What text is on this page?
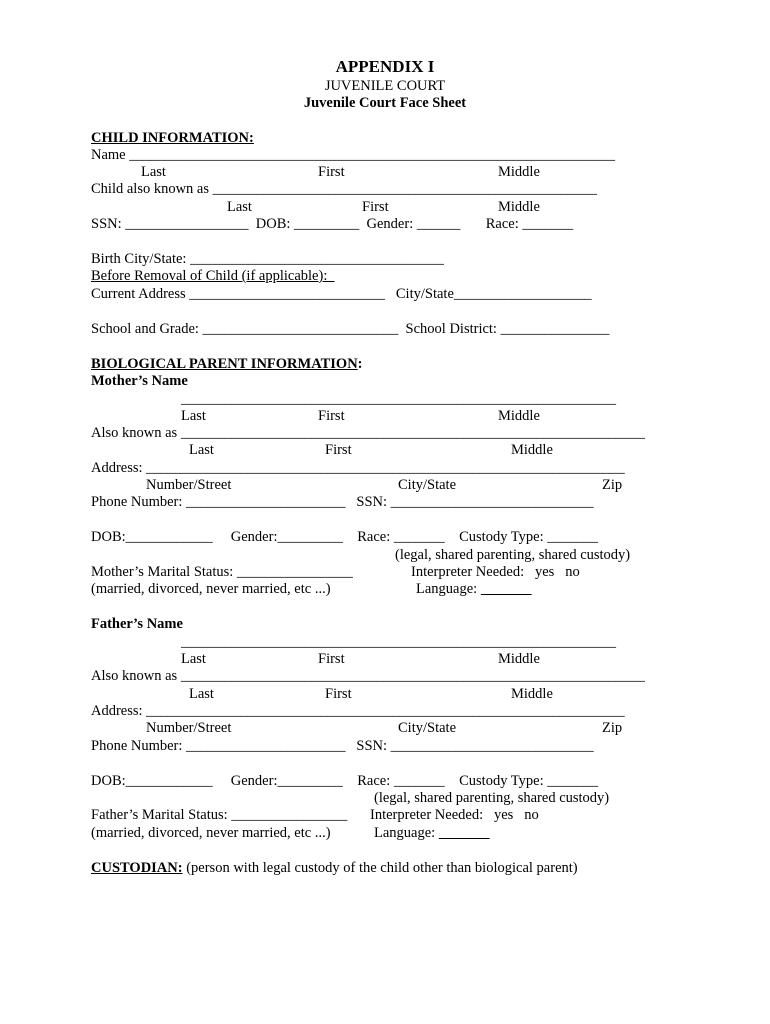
APPENDIX I
JUVENILE COURT
Juvenile Court Face Sheet
CHILD INFORMATION:
Name ___________________________________________________________________
Last	First	Middle
Child also known as _____________________________________________________
Last	First	Middle
SSN: _________________  DOB: _________  Gender: ______       Race: _______
Birth City/State: ___________________________________
Before Removal of Child (if applicable):
Current Address ___________________________   City/State___________________
School and Grade: ___________________________  School District: _______________
BIOLOGICAL PARENT INFORMATION:
Mother’s Name
____________________________________________________________
Last	First	Middle
Also known as ________________________________________________________________
Last	First	Middle
Address: __________________________________________________________________
Number/Street	City/State	Zip
Phone Number: ______________________   SSN: ____________________________
DOB:____________     Gender:_________    Race: _______    Custody Type: _______
(legal, shared parenting, shared custody)
Mother’s Marital Status: ________________	Interpreter Needed:   yes   no
(married, divorced, never married, etc ...)	Language:
Father’s Name
____________________________________________________________
Last	First	Middle
Also known as ________________________________________________________________
Last	First	Middle
Address: __________________________________________________________________
Number/Street	City/State	Zip
Phone Number: ______________________   SSN: ____________________________
DOB:____________     Gender:_________    Race: _______    Custody Type: _______
(legal, shared parenting, shared custody)
Father’s Marital Status: ________________ Interpreter Needed:   yes   no
(married, divorced, never married, etc ...)	Language:
CUSTODIAN: (person with legal custody of the child other than biological parent)
